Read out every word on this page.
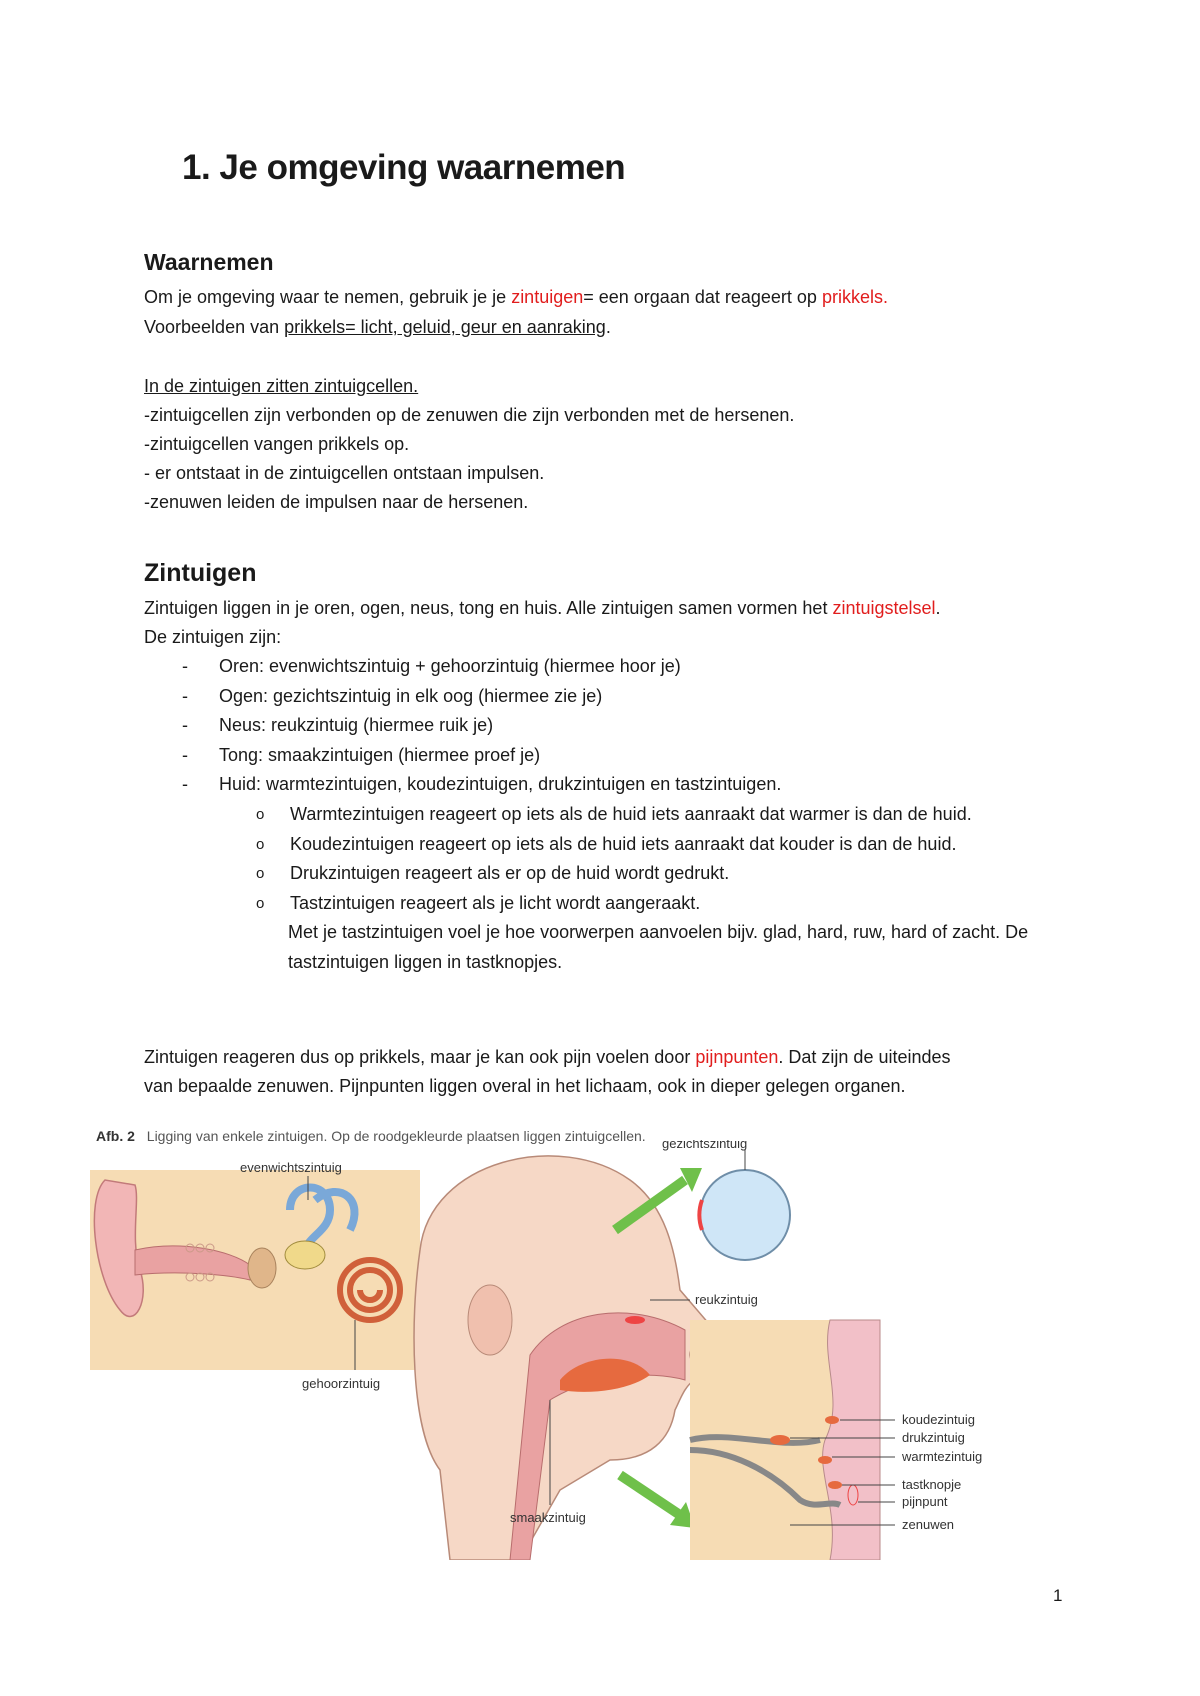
1. Je omgeving waarnemen
Waarnemen

Om je omgeving waar te nemen, gebruik je je zintuigen= een orgaan dat reageert op prikkels.

Voorbeelden van prikkels= licht, geluid, geur en aanraking.

In de zintuigen zitten zintuigcellen.

-zintuigcellen zijn verbonden op de zenuwen die zijn verbonden met de hersenen.

-zintuigcellen vangen prikkels op.

- er ontstaat in de zintuigcellen ontstaan impulsen.

-zenuwen leiden de impulsen naar de hersenen.

Zintuigen

Zintuigen liggen in je oren, ogen, neus, tong en huis. Alle zintuigen samen vormen het zintuigstelsel.

De zintuigen zijn:

- Oren: evenwichtszintuig + gehoorzintuig (hiermee hoor je)
- Ogen: gezichtszintuig in elk oog (hiermee zie je)
- Neus: reukzintuig (hiermee ruik je)
- Tong: smaakzintuigen (hiermee proef je)
- Huid: warmtezintuigen, koudezintuigen, drukzintuigen en tastzintuigen.
o Warmtezintuigen reageert op iets als de huid iets aanraakt dat warmer is dan de huid.
o Koudezintuigen reageert op iets als de huid iets aanraakt dat kouder is dan de huid.
o Drukzintuigen reageert als er op de huid wordt gedrukt.
o Tastzintuigen reageert als je licht wordt aangeraakt.
Met je tastzintuigen voel je hoe voorwerpen aanvoelen bijv. glad, hard, ruw, hard of zacht. De tastzintuigen liggen in tastknopjes.

Zintuigen reageren dus op prikkels, maar je kan ook pijn voelen door pijnpunten. Dat zijn de uiteindes

van bepaalde zenuwen. Pijnpunten liggen overal in het lichaam, ook in dieper gelegen organen.

Afb. 2 Ligging van enkele zintuigen. Op de roodgekleurde plaatsen liggen zintuigcellen.
evenwichtszintuig
gehoorzintuig
smaakzintuig
reukzintuig
gezichtszintuig
koudezintuig
drukzintuig
warmtezintuig
tastknopje
pijnpunt
zenuwen
1
